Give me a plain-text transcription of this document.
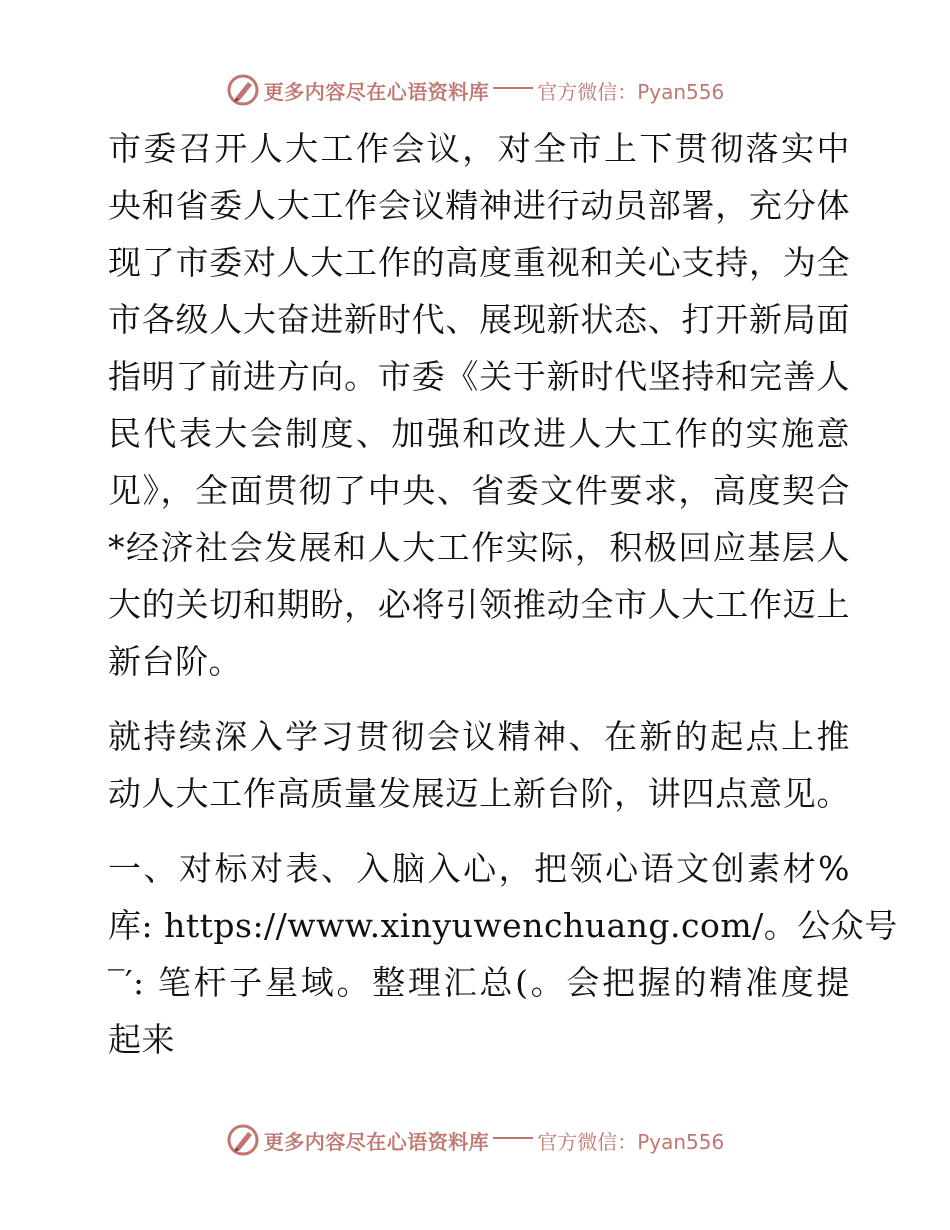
更多内容尽在心语资料库 官方微信：Pyan556

市委召开人大工作会议，对全市上下贯彻落实中
央和省委人大工作会议精神进行动员部署，充分体
现了市委对人大工作的高度重视和关心支持，为全
市各级人大奋进新时代、展现新状态、打开新局面
指明了前进方向。市委《关于新时代坚持和完善人
民代表大会制度、加强和改进人大工作的实施意
见》，全面贯彻了中央、省委文件要求，高度契合
*经济社会发展和人大工作实际，积极回应基层人
大的关切和期盼，必将引领推动全市人大工作迈上
新台阶。

就持续深入学习贯彻会议精神、在新的起点上推
动人大工作高质量发展迈上新台阶，讲四点意见。

一、对标对表、入脑入心，把领心语文创素材%
库: https://www.xinyuwenchuang.com/。公众号
‾′: 笔杆子星域。整理汇总(。会把握的精准度提
起来

更多内容尽在心语资料库 官方微信：Pyan556
